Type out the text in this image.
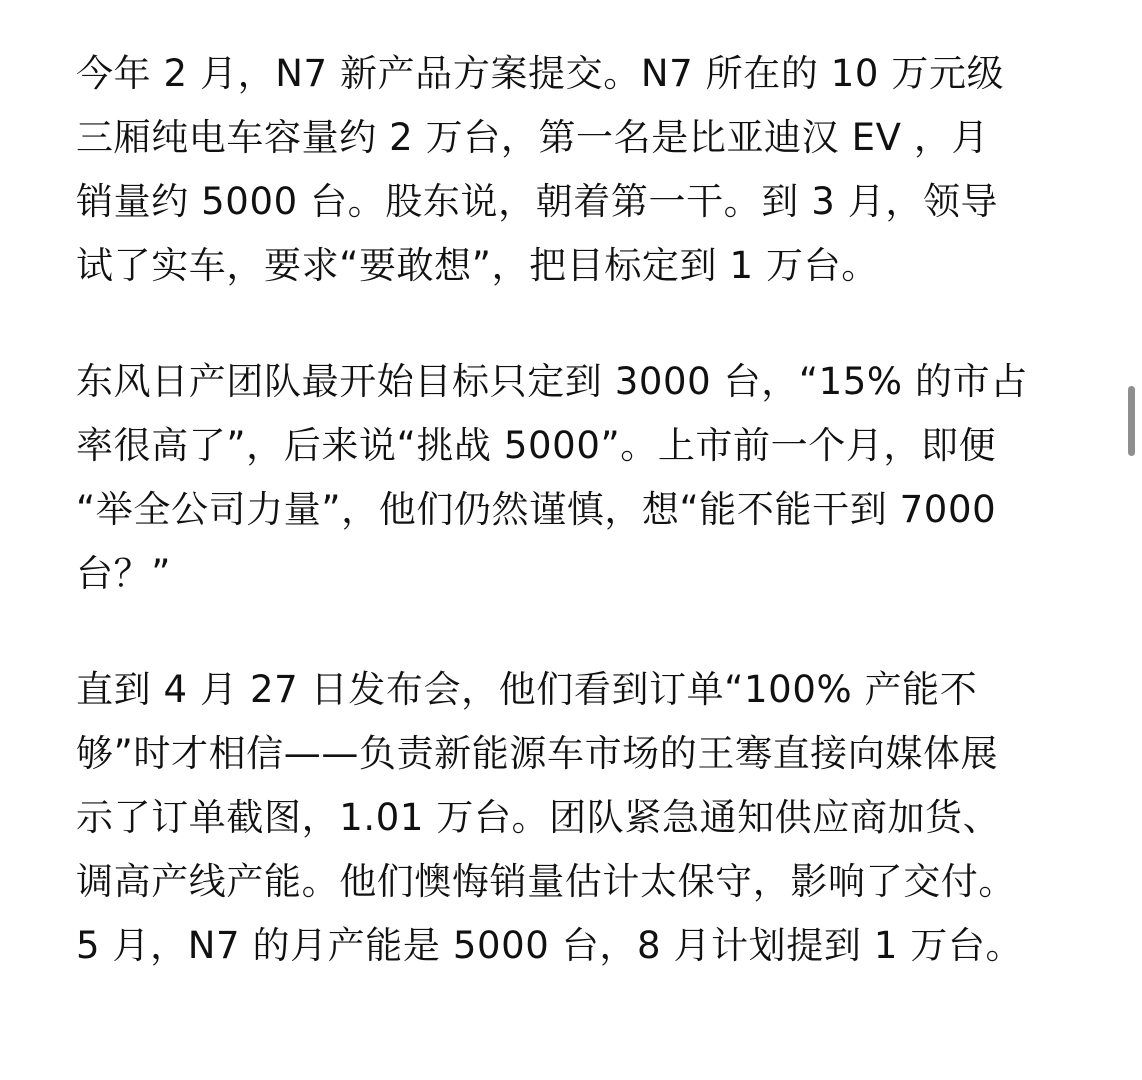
今年 2 月，N7 新产品方案提交。N7 所在的 10 万元级
三厢纯电车容量约 2 万台，第一名是比亚迪汉 EV ，月
销量约 5000 台。股东说，朝着第一干。到 3 月，领导
试了实车，要求“要敢想”，把目标定到 1 万台。
东风日产团队最开始目标只定到 3000 台，“15% 的市占
率很高了”，后来说“挑战 5000”。上市前一个月，即便
“举全公司力量”，他们仍然谨慎，想“能不能干到 7000
台？”
直到 4 月 27 日发布会，他们看到订单“100% 产能不
够”时才相信——负责新能源车市场的王骞直接向媒体展
示了订单截图，1.01 万台。团队紧急通知供应商加货、
调高产线产能。他们懊悔销量估计太保守，影响了交付。
5 月，N7 的月产能是 5000 台，8 月计划提到 1 万台。
